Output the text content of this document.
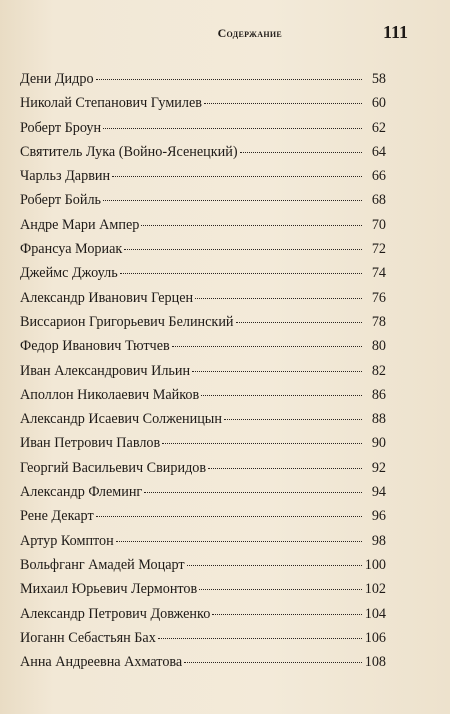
Содержание	111
Дени Дидро	58
Николай Степанович Гумилев	60
Роберт Броун	62
Святитель Лука (Войно-Ясенецкий)	64
Чарльз Дарвин	66
Роберт Бойль	68
Андре Мари Ампер	70
Франсуа Мориак	72
Джеймс Джоуль	74
Александр Иванович Герцен	76
Виссарион Григорьевич Белинский	78
Федор Иванович Тютчев	80
Иван Александрович Ильин	82
Аполлон Николаевич Майков	86
Александр Исаевич Солженицын	88
Иван Петрович Павлов	90
Георгий Васильевич Свиридов	92
Александр Флеминг	94
Рене Декарт	96
Артур Комптон	98
Вольфганг Амадей Моцарт	100
Михаил Юрьевич Лермонтов	102
Александр Петрович Довженко	104
Иоганн Себастьян Бах	106
Анна Андреевна Ахматова	108
